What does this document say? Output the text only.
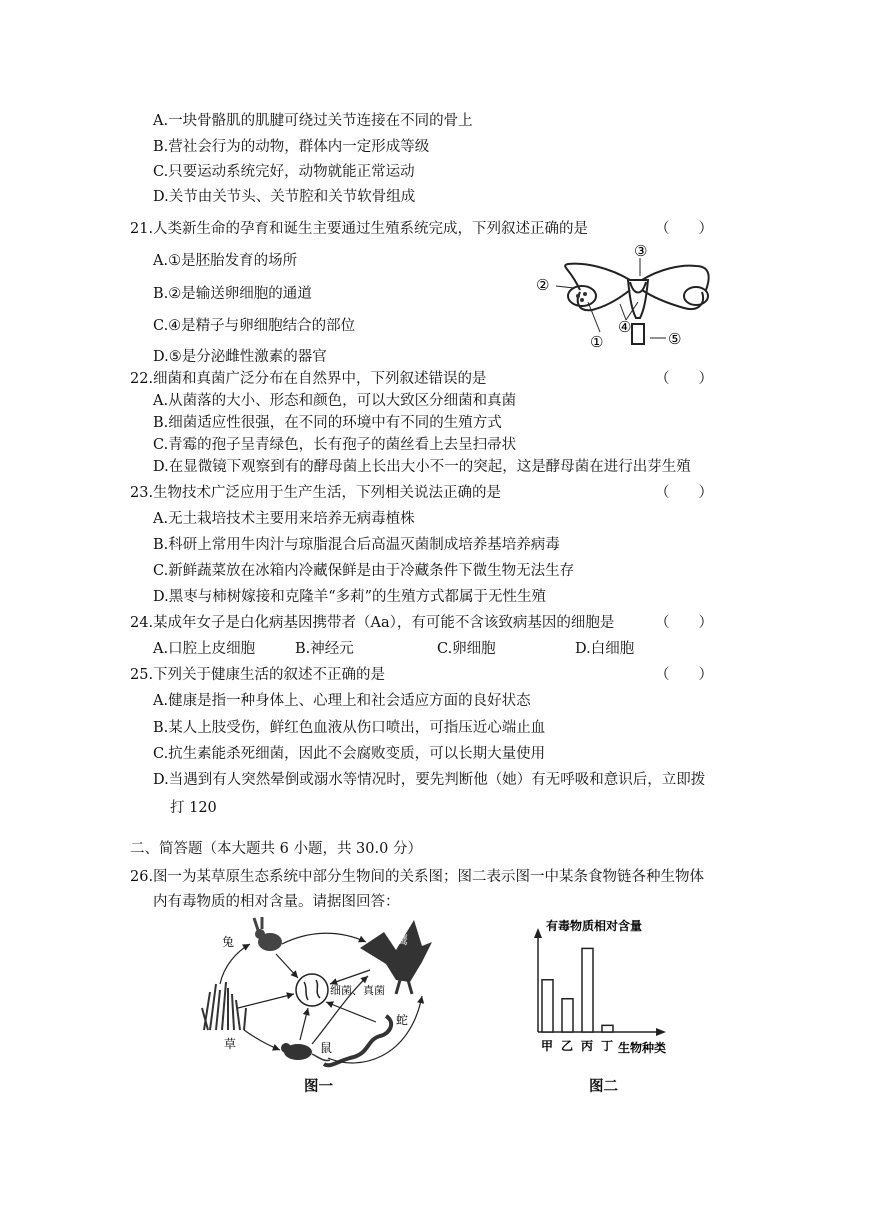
A.一块骨骼肌的肌腱可绕过关节连接在不同的骨上
B.营社会行为的动物，群体内一定形成等级
C.只要运动系统完好，动物就能正常运动
D.关节由关节头、关节腔和关节软骨组成
21.人类新生命的孕育和诞生主要通过生殖系统完成，下列叙述正确的是	（　　）
A.①是胚胎发育的场所
B.②是输送卵细胞的通道
C.④是精子与卵细胞结合的部位
D.⑤是分泌雌性激素的器官
②
③
①
④
⑤
22.细菌和真菌广泛分布在自然界中，下列叙述错误的是	（　　）
A.从菌落的大小、形态和颜色，可以大致区分细菌和真菌
B.细菌适应性很强，在不同的环境中有不同的生殖方式
C.青霉的孢子呈青绿色，长有孢子的菌丝看上去呈扫帚状
D.在显微镜下观察到有的酵母菌上长出大小不一的突起，这是酵母菌在进行出芽生殖
23.生物技术广泛应用于生产生活，下列相关说法正确的是	（　　）
A.无土栽培技术主要用来培养无病毒植株
B.科研上常用牛肉汁与琼脂混合后高温灭菌制成培养基培养病毒
C.新鲜蔬菜放在冰箱内冷藏保鲜是由于冷藏条件下微生物无法生存
D.黑枣与柿树嫁接和克隆羊“多莉”的生殖方式都属于无性生殖
24.某成年女子是白化病基因携带者（Aa），有可能不含该致病基因的细胞是	（　　）
A.口腔上皮细胞	B.神经元	C.卵细胞	D.白细胞
25.下列关于健康生活的叙述不正确的是	（　　）
A.健康是指一种身体上、心理上和社会适应方面的良好状态
B.某人上肢受伤，鲜红色血液从伤口喷出，可指压近心端止血
C.抗生素能杀死细菌，因此不会腐败变质，可以长期大量使用
D.当遇到有人突然晕倒或溺水等情况时，要先判断他（她）有无呼吸和意识后，立即拨
打 120
二、简答题（本大题共 6 小题，共 30.0 分）
26.图一为某草原生态系统中部分生物间的关系图；图二表示图一中某条食物链各种生物体
内有毒物质的相对含量。请据图回答：
兔	鹰
细菌、真菌
草	鼠
蛇
图一
有毒物质相对含量
生物种类
甲 乙 丙 丁
图二
